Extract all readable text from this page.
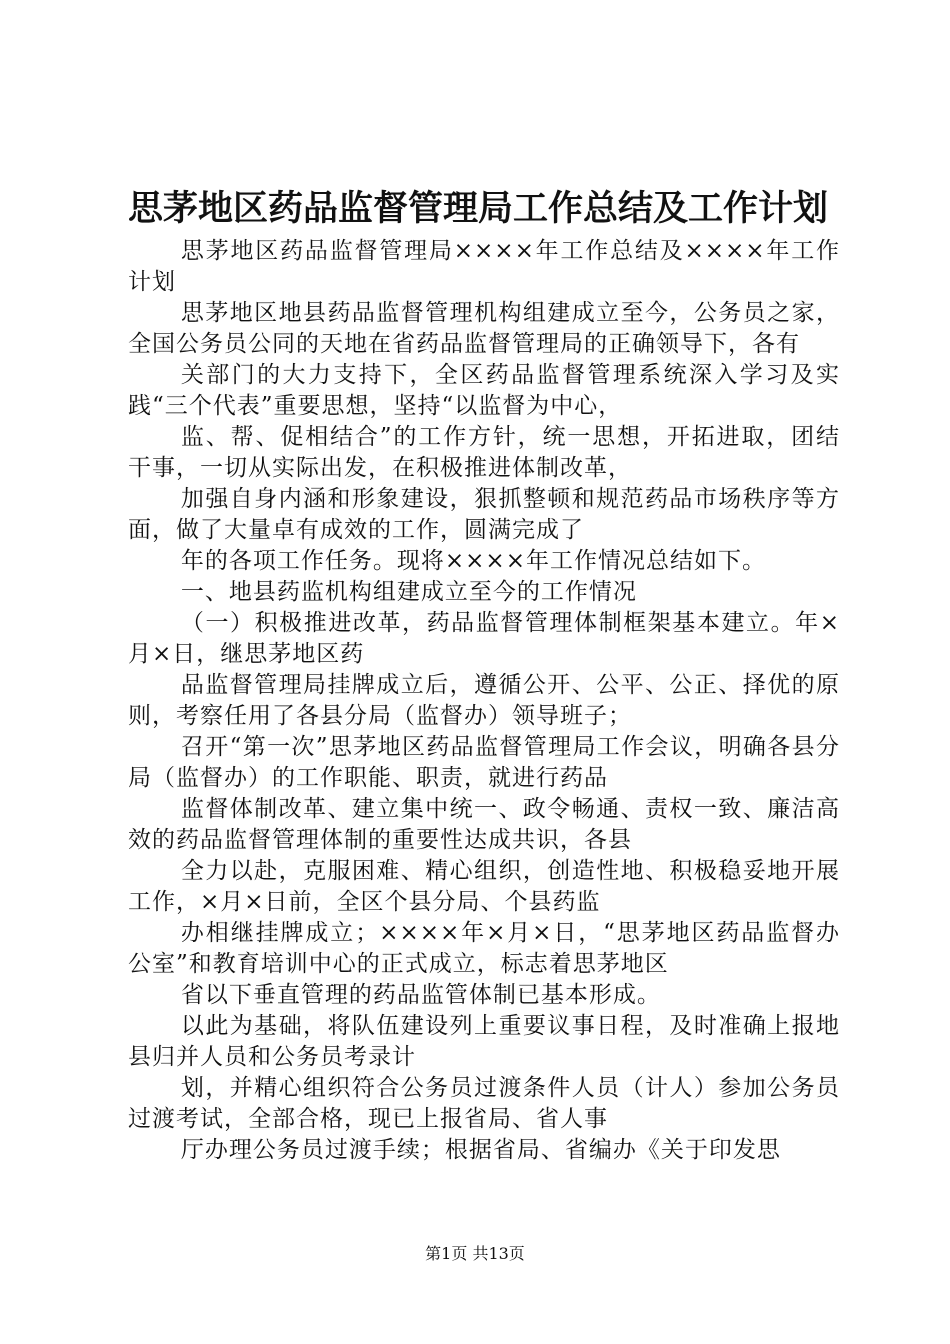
思茅地区药品监督管理局工作总结及工作计划

思茅地区药品监督管理局××××年工作总结及××××年工作计划

思茅地区地县药品监督管理机构组建成立至今，公务员之家，全国公务员公同的天地在省药品监督管理局的正确领导下，各有

关部门的大力支持下，全区药品监督管理系统深入学习及实践“三个代表”重要思想，坚持“以监督为中心，

监、帮、促相结合”的工作方针，统一思想，开拓进取，团结干事，一切从实际出发，在积极推进体制改革，

加强自身内涵和形象建设，狠抓整顿和规范药品市场秩序等方面，做了大量卓有成效的工作，圆满完成了

年的各项工作任务。现将××××年工作情况总结如下。

一、地县药监机构组建成立至今的工作情况

（一）积极推进改革，药品监督管理体制框架基本建立。年×月×日，继思茅地区药

品监督管理局挂牌成立后，遵循公开、公平、公正、择优的原则，考察任用了各县分局（监督办）领导班子；

召开“第一次”思茅地区药品监督管理局工作会议，明确各县分局（监督办）的工作职能、职责，就进行药品

监督体制改革、建立集中统一、政令畅通、责权一致、廉洁高效的药品监督管理体制的重要性达成共识，各县

全力以赴，克服困难、精心组织，创造性地、积极稳妥地开展工作，×月×日前，全区个县分局、个县药监

办相继挂牌成立；××××年×月×日，“思茅地区药品监督办公室”和教育培训中心的正式成立，标志着思茅地区

省以下垂直管理的药品监管体制已基本形成。

以此为基础，将队伍建设列上重要议事日程，及时准确上报地县归并人员和公务员考录计

划，并精心组织符合公务员过渡条件人员（计人）参加公务员过渡考试，全部合格，现已上报省局、省人事

厅办理公务员过渡手续；根据省局、省编办《关于印发思

第1页 共13页
